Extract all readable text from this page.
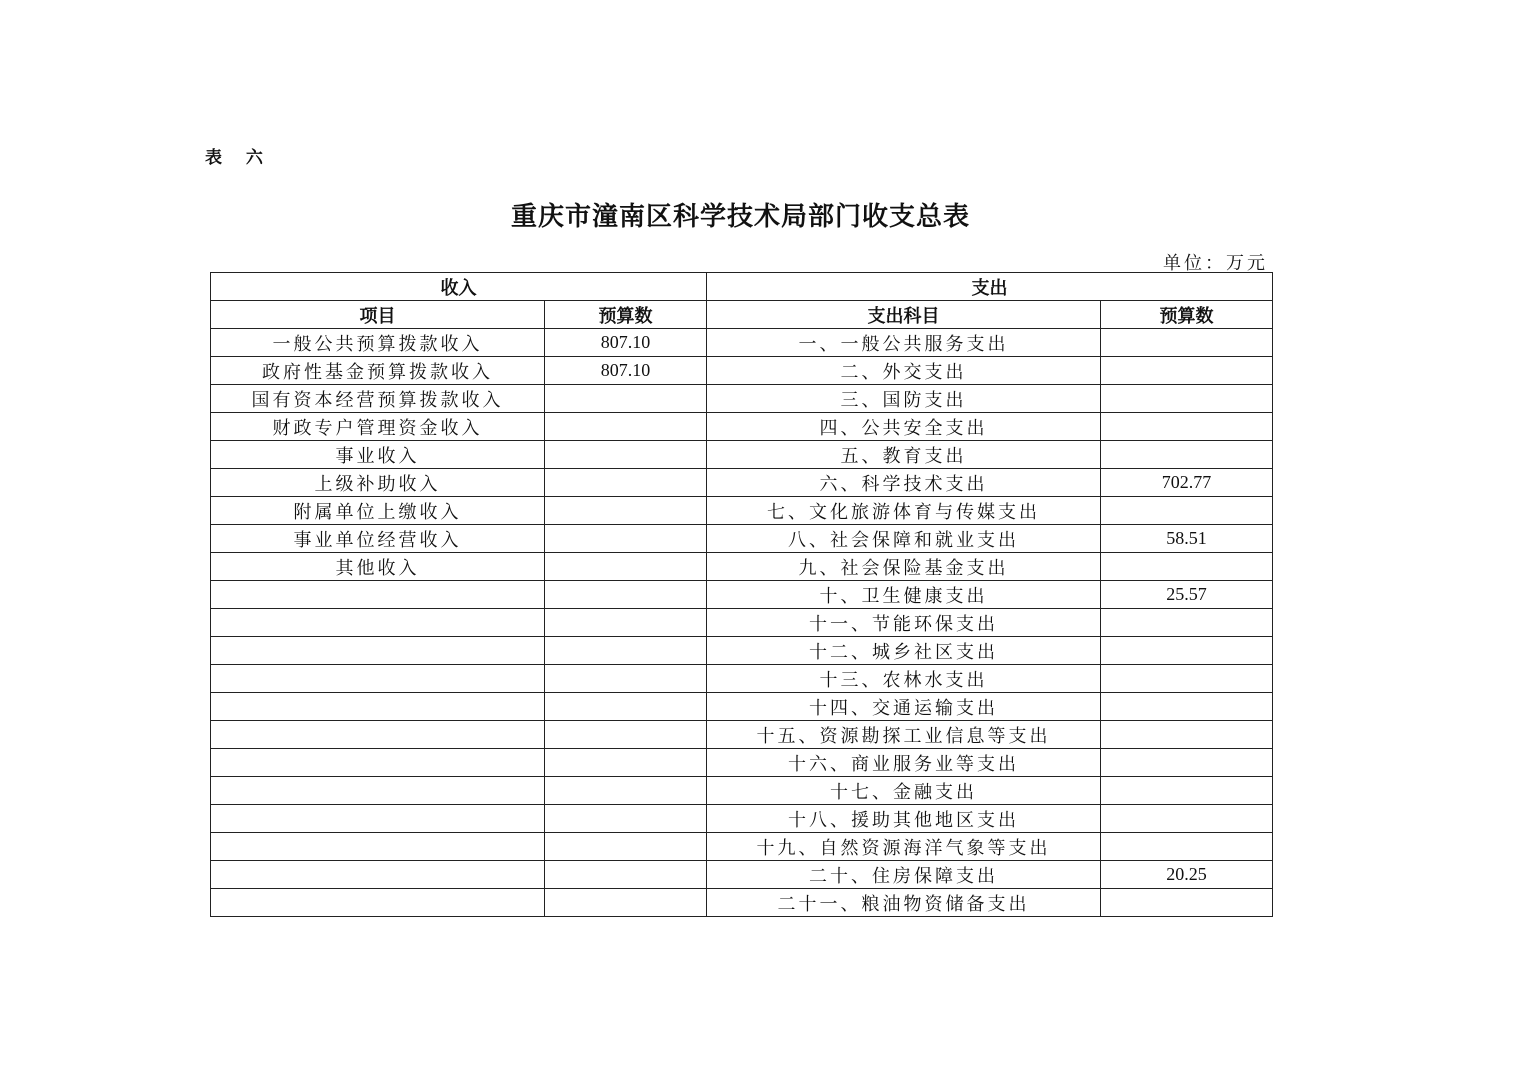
表 六
重庆市潼南区科学技术局部门收支总表
单位：万元
收入		支出	
项目	预算数	支出科目	预算数
一般公共预算拨款收入	807.10	一、一般公共服务支出	
政府性基金预算拨款收入	807.10	二、外交支出	
国有资本经营预算拨款收入		三、国防支出	
财政专户管理资金收入		四、公共安全支出	
事业收入		五、教育支出	
上级补助收入		六、科学技术支出	702.77
附属单位上缴收入		七、文化旅游体育与传媒支出	
事业单位经营收入		八、社会保障和就业支出	58.51
其他收入		九、社会保险基金支出	
		十、卫生健康支出	25.57
		十一、节能环保支出	
		十二、城乡社区支出	
		十三、农林水支出	
		十四、交通运输支出	
		十五、资源勘探工业信息等支出	
		十六、商业服务业等支出	
		十七、金融支出	
		十八、援助其他地区支出	
		十九、自然资源海洋气象等支出	
		二十、住房保障支出	20.25
		二十一、粮油物资储备支出	
